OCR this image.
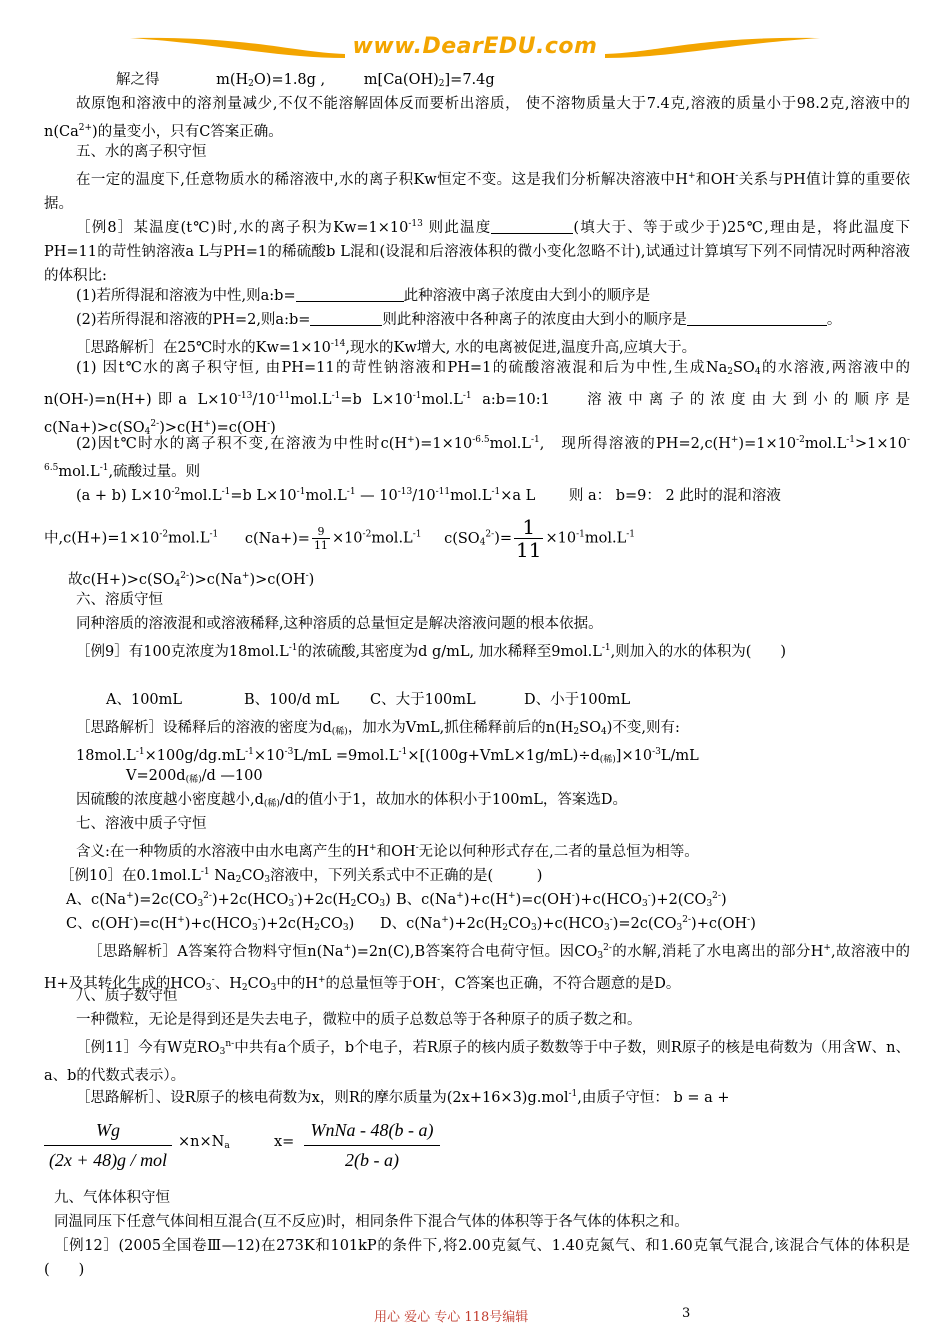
www.DearEDU.com
解之得	$m(H_2O)=1.8g$ ,	$m[Ca(OH)_2]=7.4g$
故原饱和溶液中的溶剂量减少,不仅不能溶解固体反而要析出溶质， 使不溶物质量大于7.4克,溶液的质量小于98.2克,溶液中的$n(Ca^{2+})$的量变小，只有C答案正确。
五、水的离子积守恒
在一定的温度下,任意物质水的稀溶液中,水的离子积Kw恒定不变。这是我们分析解决溶液中H+和OH-关系与PH值计算的重要依据。
［例8］某温度(t℃)时,水的离子积为$Kw=1\times 10^{-13}$ 则此温度	(填大于、等于或少于)25℃,理由是，将此温度下PH=11的苛性钠溶液a L与PH=1的稀硫酸b L混和(设混和后溶液体积的微小变化忽略不计),试通过计算填写下列不同情况时两种溶液的体积比:
(1)若所得混和溶液为中性,则a:b=	此种溶液中离子浓度由大到小的顺序是
(2)若所得混和溶液的PH=2,则a:b=	则此种溶液中各种离子的浓度由大到小的顺序是	。
［思路解析］在25℃时水的$Kw=1\times 10^{-14}$,现水的Kw增大, 水的电离被促进,温度升高,应填大于。
(1) 因t℃水的离子积守恒, 由PH=11的苛性钠溶液和PH=1的硫酸溶液混和后为中性,生成$Na_2SO_4$的水溶液,两溶液中的n(OH-)=n(H+)即a $L\times 10^{-13}/10^{-11}mol.L^{-1}=b$ $L\times 10^{-1}mol.L^{-1}$ a:b=10:1　 溶液中离子的浓度由大到小的顺序是$c(Na+)>c(SO_4^{2-})>c(H^+)=c(OH^-)$
(2)因t℃时水的离子积不变,在溶液为中性时$c(H^+)=1\times 10^{-6.5}mol.L^{-1}$,　现所得溶液的$PH=2,c(H^+)=1\times 10^{-2}mol.L^{-1}>1\times 10^{-6.5}mol.L^{-1}$,硫酸过量。则
(a + b) $L\times 10^{-2}mol.L^{-1}=b$ $L\times 10^{-1}mol.L^{-1}$ — $10^{-13}/10^{-11}mol.L^{-1}\times a$ L　　 则 a： b=9： 2 此时的混和溶液
中$,c(H+)=1\times 10^{-2}mol.L^{-1}$ $c(Na+)= \frac{9}{11} \times 10^{-2}mol.L^{-1}$ $c(SO_4^{2-})= \frac{1}{11} \times 10^{-1}mol.L^{-1}$
故$c(H+)>c(SO_4^{2-})>c(Na^+)>c(OH^-)$
六、溶质守恒
同种溶质的溶液混和或溶液稀释,这种溶质的总量恒定是解决溶液问题的根本依据。
［例9］有100克浓度为$18mol.L^{-1}$的浓硫酸,其密度为d g/mL, 加水稀释至$9mol.L^{-1}$,则加入的水的体积为(　　)
A、100mL	B、100/d mL C、大于100mL	D、小于100mL
［思路解析］设稀释后的溶液的密度为$d_{(稀)}$，加水为VmL,抓住稀释前后的$n(H_2SO_4)$不变,则有:
$18mol.L^{-1}\times 100g/dg.mL^{-1}\times 10^{-3}L/mL =9mol.L^{-1}\times[(100g+VmL\times 1g/mL)\div d_{(稀)}]\times 10^{-3}L/mL$
$V=200d_{(稀)}/d$ —100
因硫酸的浓度越小密度越小$,d_{(稀)}/d$的值小于1，故加水的体积小于100mL，答案选D。
七、溶液中质子守恒
含义:在一种物质的水溶液中由水电离产生的H+和OH-无论以何种形式存在,二者的量总恒为相等。
［例10］在$0.1mol.L^{-1}$ $Na_2CO_3$溶液中，下列关系式中不正确的是(　　　)
A、$c(Na^+)=2c(CO_3^{2-})+2c(HCO_3^-)+2c(H_2CO_3)$ B、$c(Na^+)+c(H^+)=c(OH^-)+c(HCO_3^-)+2(CO_3^{2-})$
C、$c(OH^-)=c(H^+)+c(HCO_3^-)+2c(H_2CO_3)$ D、$c(Na^+)+2c(H_2CO_3)+c(HCO_3^-)=2c(CO_3^{2-})+c(OH^-)$
［思路解析］A答案符合物料守恒n(Na+)=2n(C),B答案符合电荷守恒。因$CO_3^{2-}$的水解,消耗了水电离出的部分H+,故溶液中的H+及其转化生成的$HCO_3^-$、$H_2CO_3$中的H+的总量恒等于OH-，C答案也正确，不符合题意的是D。
八、质子数守恒
一种微粒，无论是得到还是失去电子，微粒中的质子总数总等于各种原子的质子数之和。
［例11］今有W克$RO_3^{n-}$中共有a个质子，b个电子，若R原子的核内质子数数等于中子数，则R原子的核是电荷数为（用含W、n、a、b的代数式表示）。
［思路解析］、设R原子的核电荷数为x，则R的摩尔质量为(2x+16×3)g.mol$^{-1}$,由质子守恒： b = a +
Wg
(2x + 48)g / mol
$\times n\times N_a$	x=
WnNa - 48(b - a)
2(b - a)
九、气体体积守恒
同温同压下任意气体间相互混合(互不反应)时，相同条件下混合气体的体积等于各气体的体积之和。
［例12］(2005全国卷Ⅲ—12)在273K和101kP的条件下,将2.00克氦气、1.40克氮气、和1.60克氧气混合,该混合气体的体积是(　　)
用心 爱心 专心 118号编辑	3
